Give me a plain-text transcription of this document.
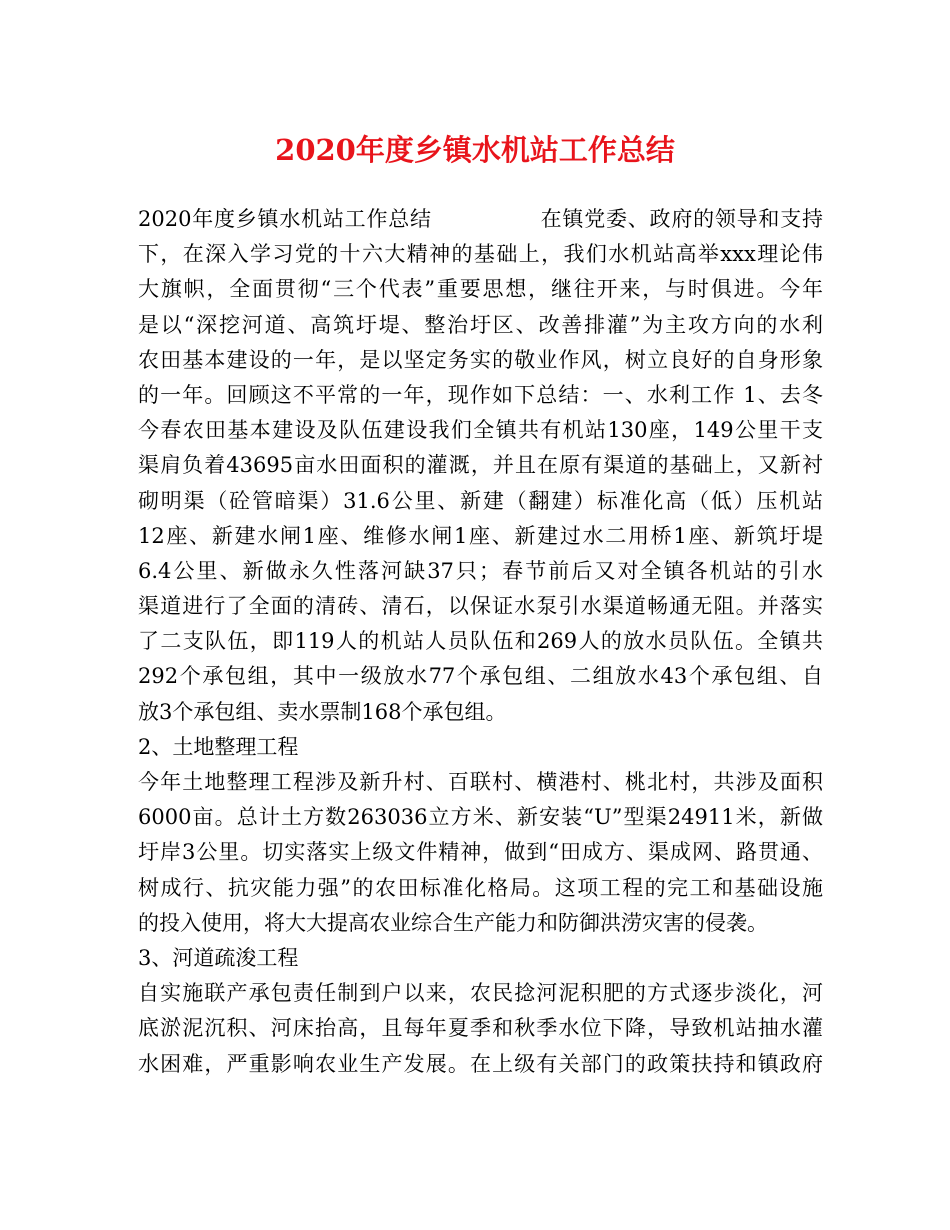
2020年度乡镇水机站工作总结
2020年度乡镇水机站工作总结　　　　　在镇党委、政府的领导和支持
下，在深入学习党的十六大精神的基础上，我们水机站高举xxx理论伟
大旗帜，全面贯彻“三个代表”重要思想，继往开来，与时俱进。今年
是以“深挖河道、高筑圩堤、整治圩区、改善排灌”为主攻方向的水利
农田基本建设的一年，是以坚定务实的敬业作风，树立良好的自身形象
的一年。回顾这不平常的一年，现作如下总结：一、水利工作 1、去冬
今春农田基本建设及队伍建设我们全镇共有机站130座，149公里干支
渠肩负着43695亩水田面积的灌溉，并且在原有渠道的基础上，又新衬
砌明渠（砼管暗渠）31.6公里、新建（翻建）标准化高（低）压机站
12座、新建水闸1座、维修水闸1座、新建过水二用桥1座、新筑圩堤
6.4公里、新做永久性落河缺37只；春节前后又对全镇各机站的引水
渠道进行了全面的清砖、清石，以保证水泵引水渠道畅通无阻。并落实
了二支队伍，即119人的机站人员队伍和269人的放水员队伍。全镇共
292个承包组，其中一级放水77个承包组、二组放水43个承包组、自
放3个承包组、卖水票制168个承包组。
2、土地整理工程
今年土地整理工程涉及新升村、百联村、横港村、桃北村，共涉及面积
6000亩。总计土方数263036立方米、新安装“U”型渠24911米，新做
圩岸3公里。切实落实上级文件精神，做到“田成方、渠成网、路贯通、
树成行、抗灾能力强”的农田标准化格局。这项工程的完工和基础设施
的投入使用，将大大提高农业综合生产能力和防御洪涝灾害的侵袭。
3、河道疏浚工程
自实施联产承包责任制到户以来，农民捻河泥积肥的方式逐步淡化，河
底淤泥沉积、河床抬高，且每年夏季和秋季水位下降，导致机站抽水灌
水困难，严重影响农业生产发展。在上级有关部门的政策扶持和镇政府
